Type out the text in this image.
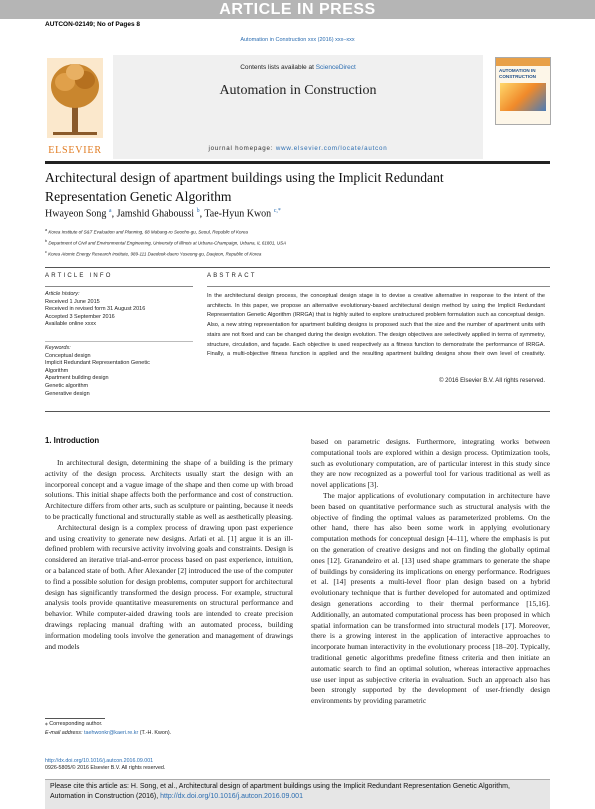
ARTICLE IN PRESS
AUTCON-02149; No of Pages 8
Automation in Construction xxx (2016) xxx–xxx
ELSEVIER
Contents lists available at ScienceDirect
Automation in Construction
journal homepage: www.elsevier.com/locate/autcon
AUTOMATION IN CONSTRUCTION
Architectural design of apartment buildings using the Implicit Redundant Representation Genetic Algorithm
Hwayeon Song $^a$, Jamshid Ghaboussi $^b$, Tae-Hyun Kwon $^{c,*}$
$^a$ Korea Institute of S&T Evaluation and Planning, 68 Mabang-ro Seocho-gu, Seoul, Republic of Korea
$^b$ Department of Civil and Environmental Engineering, University of Illinois at Urbana-Champaign, Urbana, IL 61801, USA
$^c$ Korea Atomic Energy Research Institute, 989-111 Daedeok-daero Yuseong-gu, Daejeon, Republic of Korea
ARTICLE INFO	ABSTRACT
Article history:
Received 1 June 2015
Received in revised form 31 August 2016
Accepted 3 September 2016
Available online xxxx
Keywords:
Conceptual design
Implicit Redundant Representation Genetic Algorithm
Apartment building design
Genetic algorithm
Generative design

In the architectural design process, the conceptual design stage is to devise a creative alternative in response to the intent of the architects. In this paper, we propose an alternative evolutionary-based architectural design method by using the Implicit Redundant Representation Genetic Algorithm (IRRGA) that is highly suited to explore unstructured problem formulation such as conceptual design. Also, a new string representation for apartment building designs is proposed such that the size and the number of apartment units with stairs are not fixed and can be changed during the design evolution. The design objectives are selectively applied in terms of symmetry, structure, circulation, and façade. Each objective is used respectively as a fitness function to demonstrate the performance of IRRGA. Finally, a multi-objective fitness function is applied and the resulting apartment building designs show their own level of creativity.

© 2016 Elsevier B.V. All rights reserved.
1. Introduction

In architectural design, determining the shape of a building is the primary activity of the design process. Architects usually start the design with an incorporeal concept and a vague image of the shape and then come up with broad solutions. This initial shape affects both the performance and cost of construction. Architecture differs from other arts, such as sculpture or painting, because it needs to be practically functional and structurally stable as well as aesthetically pleasing.

Architectural design is a complex process of drawing upon past experience and using creativity to generate new designs. Arlati et al. [1] argue it is an ill-defined problem with recursive activity involving goals and constraints. Design is considered an iterative trial-and-error process based on past experience, intuition, or a balanced state of both. After Alexander [2] introduced the use of the computer to find a possible solution for design problems, computer support for architectural design has significantly transformed the design process. For example, structural analysis tools provide quantitative measurements on structural performance and behavior. While computer-aided drawing tools are intended to create precision drawings replacing manual drafting with an automated process, building information modeling tools involve the generation and management of drawings and models

based on parametric designs. Furthermore, integrating works between computational tools are explored within a design process. Optimization tools, such as evolutionary computation, are of particular interest in this study since they are now recognized as a powerful tool for various traditional as well as novel applications [3].

The major applications of evolutionary computation in architecture have been based on quantitative performance such as structural analysis with the objective of finding the optimal values as parameterized problems. On the other hand, there has also been some work in applying evolutionary computation methods for conceptual design [4–11], where the emphasis is put on the generation of creative designs and not on finding the globally optimal ones [12]. Granandeiro et al. [13] used shape grammars to generate the shape of buildings by considering its implications on energy performance. Rodrigues et al. [14] presents a multi-level floor plan design based on a hybrid evolutionary technique that is further developed for automated and optimized design generations according to their thermal performance [15,16]. Additionally, an automated computational process has been proposed in which spatial information can be transformed into structural models [17]. Moreover, there is a growing interest in the application of interactive approaches to incorporate human interactivity in the evolutionary process [18–20]. Typically, traditional genetic algorithms predefine fitness criteria and then initiate an automatic search to find an optimal solution, whereas interactive approaches use user input as subjective criteria in evaluation. Such an approach also has been strongly supported by the development of user-friendly design environments by providing parametric

⁎ Corresponding author.
E-mail address: taehwonkr@kaeri.re.kr (T.-H. Kwon).
http://dx.doi.org/10.1016/j.autcon.2016.09.001
0926-5805/© 2016 Elsevier B.V. All rights reserved.
Please cite this article as: H. Song, et al., Architectural design of apartment buildings using the Implicit Redundant Representation Genetic Algorithm, Automation in Construction (2016), http://dx.doi.org/10.1016/j.autcon.2016.09.001
